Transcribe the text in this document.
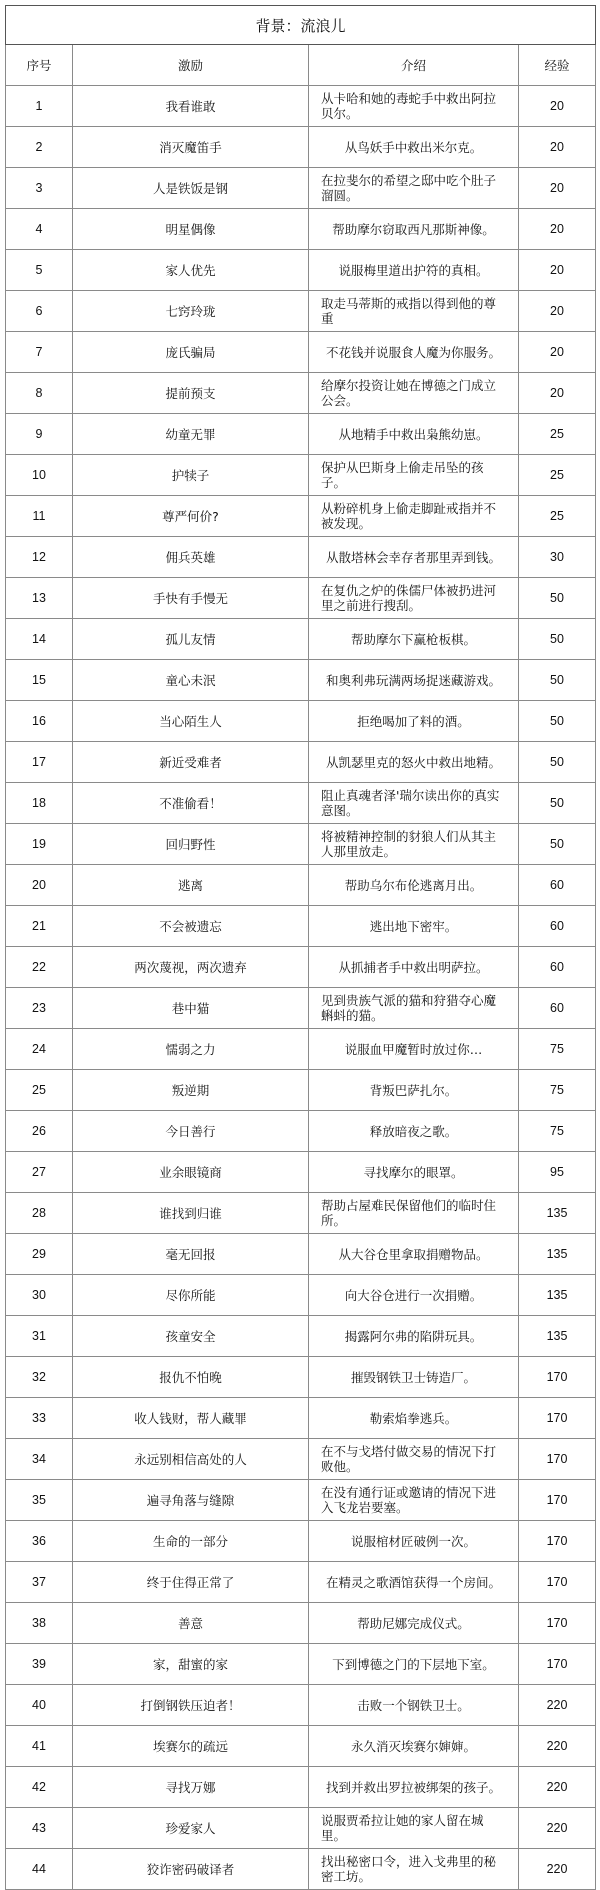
背景：流浪儿			
序号	激励	介绍	经验
1	我看谁敢	从卡哈和她的毒蛇手中救出阿拉贝尔。	20
2	消灭魔笛手	从鸟妖手中救出米尔克。	20
3	人是铁饭是钢	在拉斐尔的希望之邸中吃个肚子溜圆。	20
4	明星偶像	帮助摩尔窃取西凡那斯神像。	20
5	家人优先	说服梅里道出护符的真相。	20
6	七窍玲珑	取走马蒂斯的戒指以得到他的尊重	20
7	庞氏骗局	不花钱并说服食人魔为你服务。	20
8	提前预支	给摩尔投资让她在博德之门成立公会。	20
9	幼童无罪	从地精手中救出枭熊幼崽。	25
10	护犊子	保护从巴斯身上偷走吊坠的孩子。	25
11	尊严何价?	从粉碎机身上偷走脚趾戒指并不被发现。	25
12	佣兵英雄	从散塔林会幸存者那里弄到钱。	30
13	手快有手慢无	在复仇之炉的侏儒尸体被扔进河里之前进行搜刮。	50
14	孤儿友情	帮助摩尔下赢枪板棋。	50
15	童心未泯	和奥利弗玩满两场捉迷藏游戏。	50
16	当心陌生人	拒绝喝加了料的酒。	50
17	新近受难者	从凯瑟里克的怒火中救出地精。	50
18	不准偷看！	阻止真魂者泽'瑞尔读出你的真实意图。	50
19	回归野性	将被精神控制的豺狼人们从其主人那里放走。	50
20	逃离	帮助乌尔布伦逃离月出。	60
21	不会被遗忘	逃出地下密牢。	60
22	两次蔑视，两次遗弃	从抓捕者手中救出明萨拉。	60
23	巷中猫	见到贵族气派的猫和狩猎夺心魔蝌蚪的猫。	60
24	懦弱之力	说服血甲魔暂时放过你…	75
25	叛逆期	背叛巴萨扎尔。	75
26	今日善行	释放暗夜之歌。	75
27	业余眼镜商	寻找摩尔的眼罩。	95
28	谁找到归谁	帮助占屋难民保留他们的临时住所。	135
29	毫无回报	从大谷仓里拿取捐赠物品。	135
30	尽你所能	向大谷仓进行一次捐赠。	135
31	孩童安全	揭露阿尔弗的陷阱玩具。	135
32	报仇不怕晚	摧毁钢铁卫士铸造厂。	170
33	收人钱财，帮人藏罪	勒索焰拳逃兵。	170
34	永远别相信高处的人	在不与戈塔付做交易的情况下打败他。	170
35	遍寻角落与缝隙	在没有通行证或邀请的情况下进入飞龙岩要塞。	170
36	生命的一部分	说服棺材匠破例一次。	170
37	终于住得正常了	在精灵之歌酒馆获得一个房间。	170
38	善意	帮助尼娜完成仪式。	170
39	家，甜蜜的家	下到博德之门的下层地下室。	170
40	打倒钢铁压迫者！	击败一个钢铁卫士。	220
41	埃赛尔的疏远	永久消灭埃赛尔婶婶。	220
42	寻找万娜	找到并救出罗拉被绑架的孩子。	220
43	珍爱家人	说服贾希拉让她的家人留在城里。	220
44	狡诈密码破译者	找出秘密口令，进入戈弗里的秘密工坊。	220
